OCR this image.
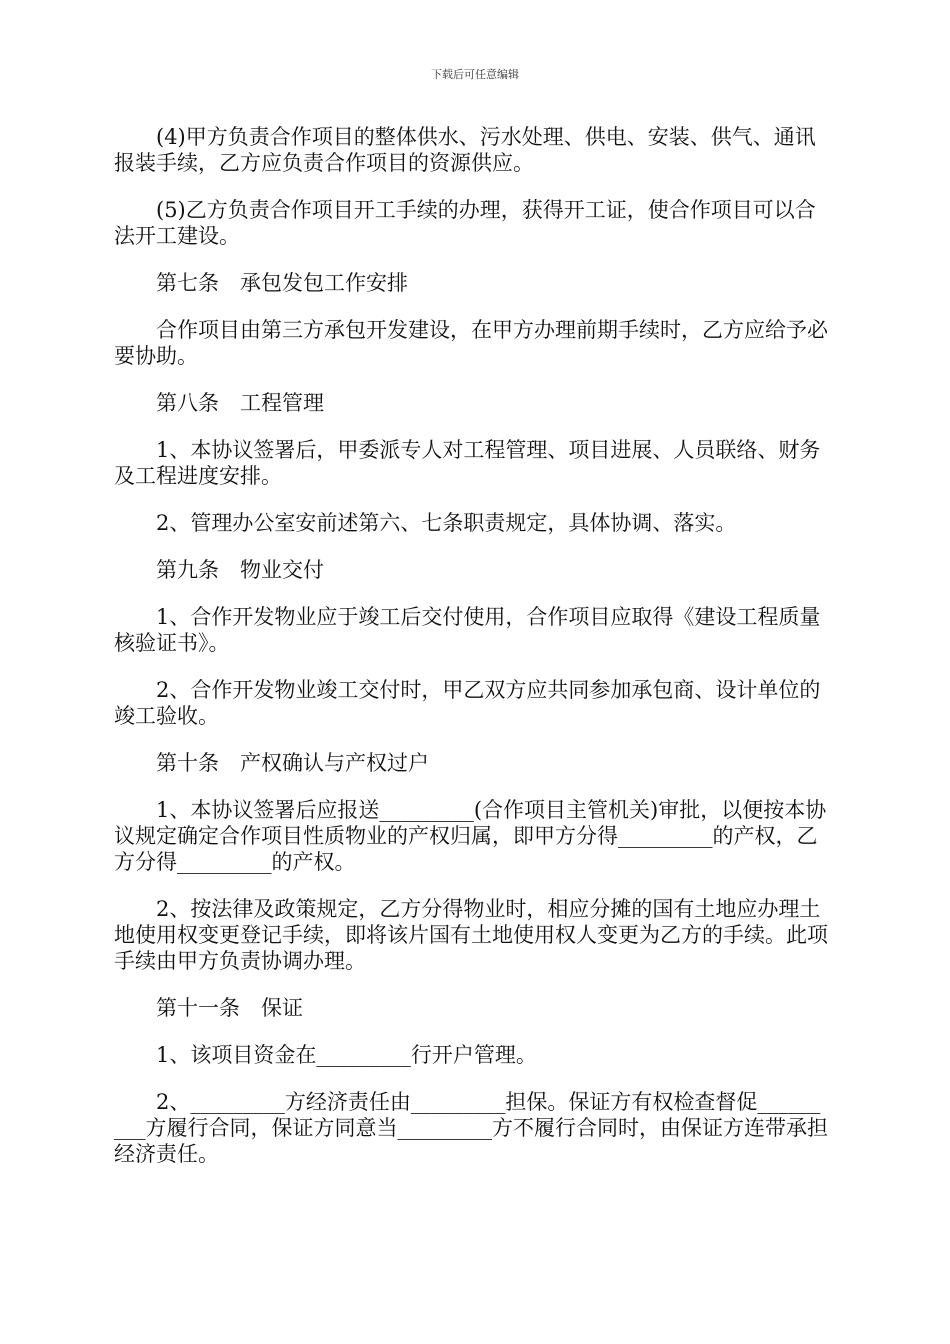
下载后可任意编辑

(4)甲方负责合作项目的整体供水、污水处理、供电、安装、供气、通讯报装手续，乙方应负责合作项目的资源供应。

(5)乙方负责合作项目开工手续的办理，获得开工证，使合作项目可以合法开工建设。

第七条　承包发包工作安排

合作项目由第三方承包开发建设，在甲方办理前期手续时，乙方应给予必要协助。

第八条　工程管理

1、本协议签署后，甲委派专人对工程管理、项目进展、人员联络、财务及工程进度安排。

2、管理办公室安前述第六、七条职责规定，具体协调、落实。

第九条　物业交付

1、合作开发物业应于竣工后交付使用，合作项目应取得《建设工程质量核验证书》。

2、合作开发物业竣工交付时，甲乙双方应共同参加承包商、设计单位的竣工验收。

第十条　产权确认与产权过户

1、本协议签署后应报送_________(合作项目主管机关)审批，以便按本协议规定确定合作项目性质物业的产权归属，即甲方分得_________的产权，乙方分得_________的产权。

2、按法律及政策规定，乙方分得物业时，相应分摊的国有土地应办理土地使用权变更登记手续，即将该片国有土地使用权人变更为乙方的手续。此项手续由甲方负责协调办理。

第十一条　保证

1、该项目资金在_________行开户管理。

2、_________方经济责任由_________担保。保证方有权检查督促_________方履行合同，保证方同意当_________方不履行合同时，由保证方连带承担经济责任。
